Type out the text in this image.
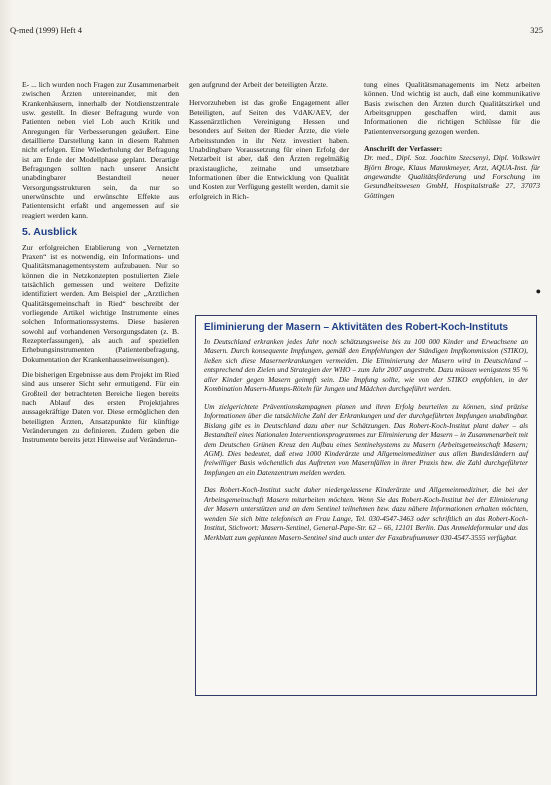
Q-med (1999) Heft 4	325

E- ... lich wurden noch Fragen zur Zusammenarbeit zwischen Ärzten untereinander, mit den Krankenhäusern, innerhalb der Notdienstzentrale usw. gestellt. In dieser Befragung wurde von Patienten neben viel Lob auch Kritik und Anregungen für Verbesserungen geäußert. Eine detaillierte Darstellung kann in diesem Rahmen nicht erfolgen. Eine Wiederholung der Befragung ist am Ende der Modellphase geplant. Derartige Befragungen sollten nach unserer Ansicht unabdingbarer Bestandteil neuer Versorgungsstrukturen sein, da nur so unerwünschte und erwünschte Effekte aus Patientensicht erfaßt und angemessen auf sie reagiert werden kann.

5. Ausblick

Zur erfolgreichen Etablierung von „Vernetzten Praxen“ ist es notwendig, ein Informations- und Qualitätsmanagementsystem aufzubauen. Nur so können die in Netzkonzepten postulierten Ziele tatsächlich gemessen und weitere Defizite identifiziert werden. Am Beispiel der „Arztlichen Qualitätsgemeinschaft in Ried“ beschreibt der vorliegende Artikel wichtige Instrumente eines solchen Informationssystems. Diese basieren sowohl auf vorhandenen Versorgungsdaten (z. B. Rezepterfassungen), als auch auf speziellen Erhebungsinstrumenten (Patientenbefragung, Dokumentation der Krankenhauseinweisungen).

Die bisherigen Ergebnisse aus dem Projekt im Ried sind aus unserer Sicht sehr ermutigend. Für ein Großteil der betrachteten Bereiche liegen bereits nach Ablauf des ersten Projektjahres aussagekräftige Daten vor. Diese ermöglichen den beteiligten Ärzten, Ansatzpunkte für künftige Veränderungen zu definieren. Zudem geben die Instrumente bereits jetzt Hinweise auf Veränderun-

gen aufgrund der Arbeit der beteiligten Ärzte.

Hervorzuheben ist das große Engagement aller Beteiligten, auf Seiten des VdAK/AEV, der Kassenärztlichen Vereinigung Hessen und besonders auf Seiten der Rieder Ärzte, die viele Arbeitsstunden in ihr Netz investiert haben. Unabdingbare Voraussetzung für einen Erfolg der Netzarbeit ist aber, daß den Ärzten regelmäßig praxistaugliche, zeitnahe und umsetzbare Informationen über die Entwicklung von Qualität und Kosten zur Verfügung gestellt werden, damit sie erfolgreich in Rich-

tung eines Qualitätsmanagements im Netz arbeiten können. Und wichtig ist auch, daß eine kommunikative Basis zwischen den Ärzten durch Qualitätszirkel und Arbeitsgruppen geschaffen wird, damit aus Informationen die richtigen Schlüsse für die Patientenversorgung gezogen werden.

Anschrift der Verfasser:
Dr. med., Dipl. Soz. Joachim Szecsenyi, Dipl. Volkswirt Björn Broge, Klaus Mannkmeyer, Arzt, AQUA-Inst. für angewandte Qualitätsförderung und Forschung im Gesundheitswesen GmbH, Hospitalstraße 27, 37073 Göttingen
●
Eliminierung der Masern – Aktivitäten des Robert-Koch-Instituts

In Deutschland erkranken jedes Jahr noch schätzungsweise bis zu 100 000 Kinder und Erwachsene an Masern. Durch konsequente Impfungen, gemäß den Empfehlungen der Ständigen Impfkommission (STIKO), ließen sich diese Masernerkrankungen vermeiden. Die Eliminierung der Masern wird in Deutschland – entsprechend den Zielen und Strategien der WHO – zum Jahr 2007 angestrebt. Dazu müssen wenigstens 95 % aller Kinder gegen Masern geimpft sein. Die Impfung sollte, wie von der STIKO empfohlen, in der Kombination Masern-Mumps-Röteln für Jungen und Mädchen durchgeführt werden.

Um zielgerichtete Präventionskampagnen planen und ihren Erfolg beurteilen zu können, sind präzise Informationen über die tatsächliche Zahl der Erkrankungen und der durchgeführten Impfungen unabdingbar. Bislang gibt es in Deutschland dazu aber nur Schätzungen. Das Robert-Koch-Institut plant daher – als Bestandteil eines Nationalen Interventionsprogrammes zur Eliminierung der Masern – in Zusammenarbeit mit dem Deutschen Grünen Kreuz den Aufbau eines Sentinelsystems zu Masern (Arbeitsgemeinschaft Masern; AGM). Dies bedeutet, daß etwa 1000 Kinderärzte und Allgemeinmediziner aus allen Bundesländern auf freiwilliger Basis wöchentlich das Auftreten von Masernfällen in ihrer Praxis bzw. die Zahl durchgeführter Impfungen an ein Datenzentrum melden werden.

Das Robert-Koch-Institut sucht daher niedergelassene Kinderärzte und Allgemeinmediziner, die bei der Arbeitsgemeinschaft Masern mitarbeiten möchten. Wenn Sie das Robert-Koch-Institut bei der Eliminierung der Masern unterstützen und an dem Sentinel teilnehmen bzw. dazu nähere Informationen erhalten möchten, wenden Sie sich bitte telefonisch an Frau Lange, Tel. 030-4547-3463 oder schriftlich an das Robert-Koch-Institut, Stichwort: Masern-Sentinel, General-Pape-Str. 62 – 66, 12101 Berlin. Das Anmeldeformular und das Merkblatt zum geplanten Masern-Sentinel sind auch unter der Faxabrufnummer 030-4547-3555 verfügbar.
